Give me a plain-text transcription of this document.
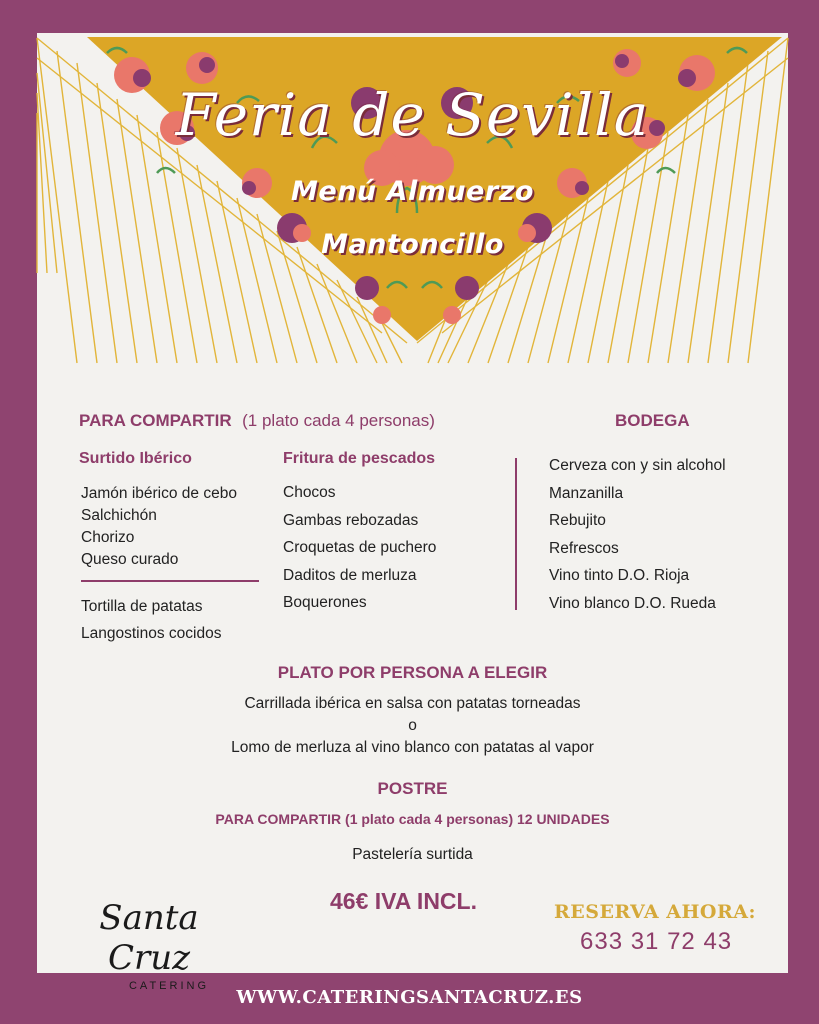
Feria de Sevilla
Menú Almuerzo
Mantoncillo
PARA COMPARTIR (1 plato cada 4 personas)
Surtido Ibérico
Jamón ibérico de cebo
Salchichón
Chorizo
Queso curado
Tortilla de patatas
Langostinos cocidos
Fritura de pescados
Chocos
Gambas rebozadas
Croquetas de puchero
Daditos de merluza
Boquerones
BODEGA
Cerveza con y sin alcohol
Manzanilla
Rebujito
Refrescos
Vino tinto D.O. Rioja
Vino blanco D.O. Rueda
PLATO POR PERSONA A ELEGIR
Carrillada ibérica en salsa con patatas torneadas
o
Lomo de merluza al vino blanco con patatas al vapor
POSTRE
PARA COMPARTIR (1 plato cada 4 personas) 12 UNIDADES
Pastelería surtida
46€ IVA INCL.	RESERVA AHORA:
633 31 72 43
Santa Cruz
CATERING
WWW.CATERINGSANTACRUZ.ES
